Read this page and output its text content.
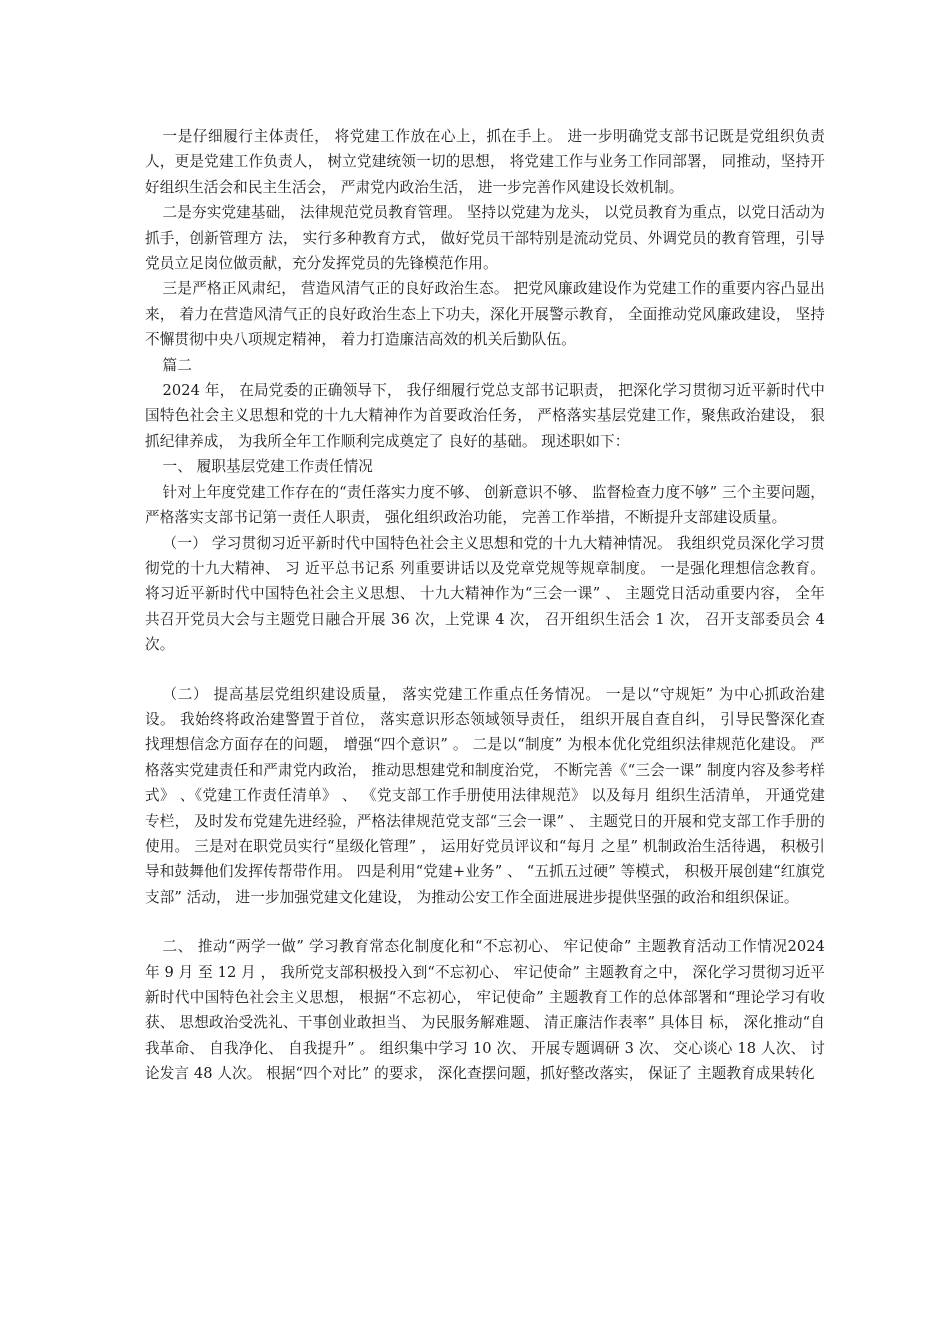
一是仔细履行主体责任， 将党建工作放在心上，抓在手上。 进一步明确党支部书记既是党组织负责人，更是党建工作负责人， 树立党建统领一切的思想， 将党建工作与业务工作同部署， 同推动，坚持开好组织生活会和民主生活会， 严肃党内政治生活， 进一步完善作风建设长效机制。

二是夯实党建基础， 法律规范党员教育管理。 坚持以党建为龙头， 以党员教育为重点，以党日活动为抓手，创新管理方 法， 实行多种教育方式， 做好党员干部特别是流动党员、外调党员的教育管理，引导党员立足岗位做贡献，充分发挥党员的先锋模范作用。

三是严格正风肃纪， 营造风清气正的良好政治生态。 把党风廉政建设作为党建工作的重要内容凸显出来， 着力在营造风清气正的良好政治生态上下功夫，深化开展警示教育， 全面推动党风廉政建设， 坚持不懈贯彻中央八项规定精神， 着力打造廉洁高效的机关后勤队伍。

篇二

2024 年， 在局党委的正确领导下， 我仔细履行党总支部书记职责， 把深化学习贯彻习近平新时代中国特色社会主义思想和党的十九大精神作为首要政治任务， 严格落实基层党建工作，聚焦政治建设， 狠抓纪律养成， 为我所全年工作顺利完成奠定了 良好的基础。 现述职如下：

一、 履职基层党建工作责任情况

针对上年度党建工作存在的“责任落实力度不够、 创新意识不够、 监督检查力度不够” 三个主要问题， 严格落实支部书记第一责任人职责， 强化组织政治功能， 完善工作举措，不断提升支部建设质量。

（一） 学习贯彻习近平新时代中国特色社会主义思想和党的十九大精神情况。 我组织党员深化学习贯彻党的十九大精神、 习 近平总书记系 列重要讲话以及党章党规等规章制度。 一是强化理想信念教育。 将习近平新时代中国特色社会主义思想、 十九大精神作为“三会一课” 、 主题党日活动重要内容， 全年共召开党员大会与主题党日融合开展 36 次，上党课 4 次， 召开组织生活会 1 次， 召开支部委员会 4 次。

（二） 提高基层党组织建设质量， 落实党建工作重点任务情况。 一是以“守规矩” 为中心抓政治建设。 我始终将政治建警置于首位， 落实意识形态领域领导责任， 组织开展自查自纠， 引导民警深化查找理想信念方面存在的问题， 增强“四个意识” 。 二是以“制度” 为根本优化党组织法律规范化建设。 严格落实党建责任和严肃党内政治， 推动思想建党和制度治党， 不断完善《“三会一课” 制度内容及参考样式》 、《党建工作责任清单》 、 《党支部工作手册使用法律规范》 以及每月 组织生活清单， 开通党建专栏， 及时发布党建先进经验，严格法律规范党支部“三会一课” 、 主题党日的开展和党支部工作手册的使用。 三是对在职党员实行“星级化管理” ， 运用好党员评议和“每月 之星” 机制政治生活待遇， 积极引导和鼓舞他们发挥传帮带作用。 四是利用“党建+业务” 、 “五抓五过硬” 等模式， 积极开展创建“红旗党支部” 活动， 进一步加强党建文化建设， 为推动公安工作全面进展进步提供坚强的政治和组织保证。

二、 推动“两学一做” 学习教育常态化制度化和“不忘初心、 牢记使命” 主题教育活动工作情况2024 年 9 月 至 12 月 ， 我所党支部积极投入到“不忘初心、 牢记使命” 主题教育之中， 深化学习贯彻习近平新时代中国特色社会主义思想， 根据“不忘初心， 牢记使命” 主题教育工作的总体部署和“理论学习有收获、 思想政治受洗礼、干事创业敢担当、 为民服务解难题、 清正廉洁作表率” 具体目 标， 深化推动“自我革命、 自我净化、 自我提升” 。 组织集中学习 10 次、 开展专题调研 3 次、 交心谈心 18 人次、 讨论发言 48 人次。 根据“四个对比” 的要求， 深化查摆问题，抓好整改落实， 保证了 主题教育成果转化
